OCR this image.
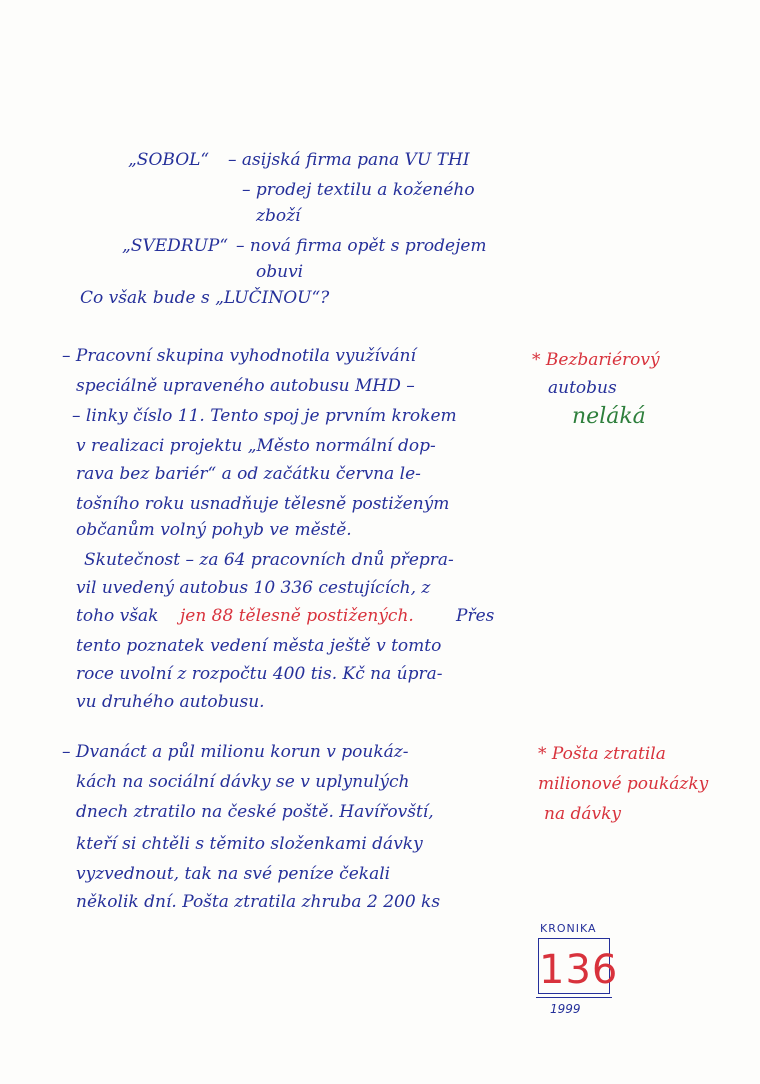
„SOBOL“ – asijská firma pana VU THI
– prodej textilu a koženého
zboží
„SVEDRUP“ – nová firma opět s prodejem
obuvi
Co však bude s „LUČINOU“?
– Pracovní skupina vyhodnotila využívání
speciálně upraveného autobusu MHD –
– linky číslo 11. Tento spoj je prvním krokem
v realizaci projektu „Město normální dop-
rava bez bariér“ a od začátku června le-
tošního roku usnadňuje tělesně postiženým
občanům volný pohyb ve městě.
Skutečnost – za 64 pracovních dnů přepra-
vil uvedený autobus 10 336 cestujících, z
toho však jen 88 tělesně postižených. Přes
tento poznatek vedení města ještě v tomto
roce uvolní z rozpočtu 400 tis. Kč na úpra-
vu druhého autobusu.
* Bezbariérový
autobus
neláká
– Dvanáct a půl milionu korun v poukáz-
kách na sociální dávky se v uplynulých
dnech ztratilo na české poště. Havířovští,
kteří si chtěli s těmito složenkami dávky
vyzvednout, tak na své peníze čekali
několik dní. Pošta ztratila zhruba 2 200 ks
* Pošta ztratila
milionové poukázky
na dávky
KRONIKA
136
1999
